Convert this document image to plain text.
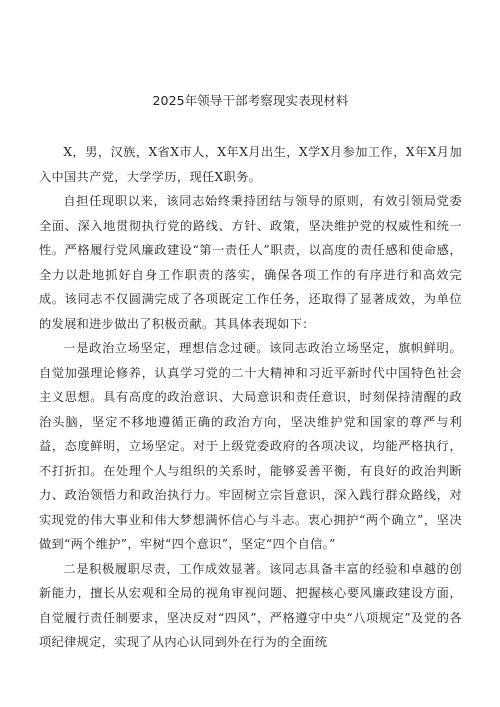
2025年领导干部考察现实表现材料

X，男，汉族，X省X市人，X年X月出生，X学X月参加工作，X年X月加入中国共产党，大学学历，现任X职务。

自担任现职以来，该同志始终秉持团结与领导的原则，有效引领局党委全面、深入地贯彻执行党的路线、方针、政策，坚决维护党的权威性和统一性。严格履行党风廉政建设“第一责任人”职责，以高度的责任感和使命感，全力以赴地抓好自身工作职责的落实，确保各项工作的有序进行和高效完成。该同志不仅圆满完成了各项既定工作任务，还取得了显著成效，为单位的发展和进步做出了积极贡献。其具体表现如下：

一是政治立场坚定，理想信念过硬。该同志政治立场坚定，旗帜鲜明。自觉加强理论修养，认真学习党的二十大精神和习近平新时代中国特色社会主义思想。具有高度的政治意识、大局意识和责任意识，时刻保持清醒的政治头脑，坚定不移地遵循正确的政治方向，坚决维护党和国家的尊严与利益，态度鲜明，立场坚定。对于上级党委政府的各项决议，均能严格执行，不打折扣。在处理个人与组织的关系时，能够妥善平衡，有良好的政治判断力、政治领悟力和政治执行力。牢固树立宗旨意识，深入践行群众路线，对实现党的伟大事业和伟大梦想满怀信心与斗志。衷心拥护“两个确立”，坚决做到“两个维护”，牢树“四个意识”，坚定“四个自信。”

二是积极履职尽责，工作成效显著。该同志具备丰富的经验和卓越的创新能力，擅长从宏观和全局的视角审视问题、把握核心要风廉政建设方面，自觉履行责任制要求，坚决反对“四风”，严格遵守中央“八项规定”及党的各项纪律规定，实现了从内心认同到外在行为的全面统
